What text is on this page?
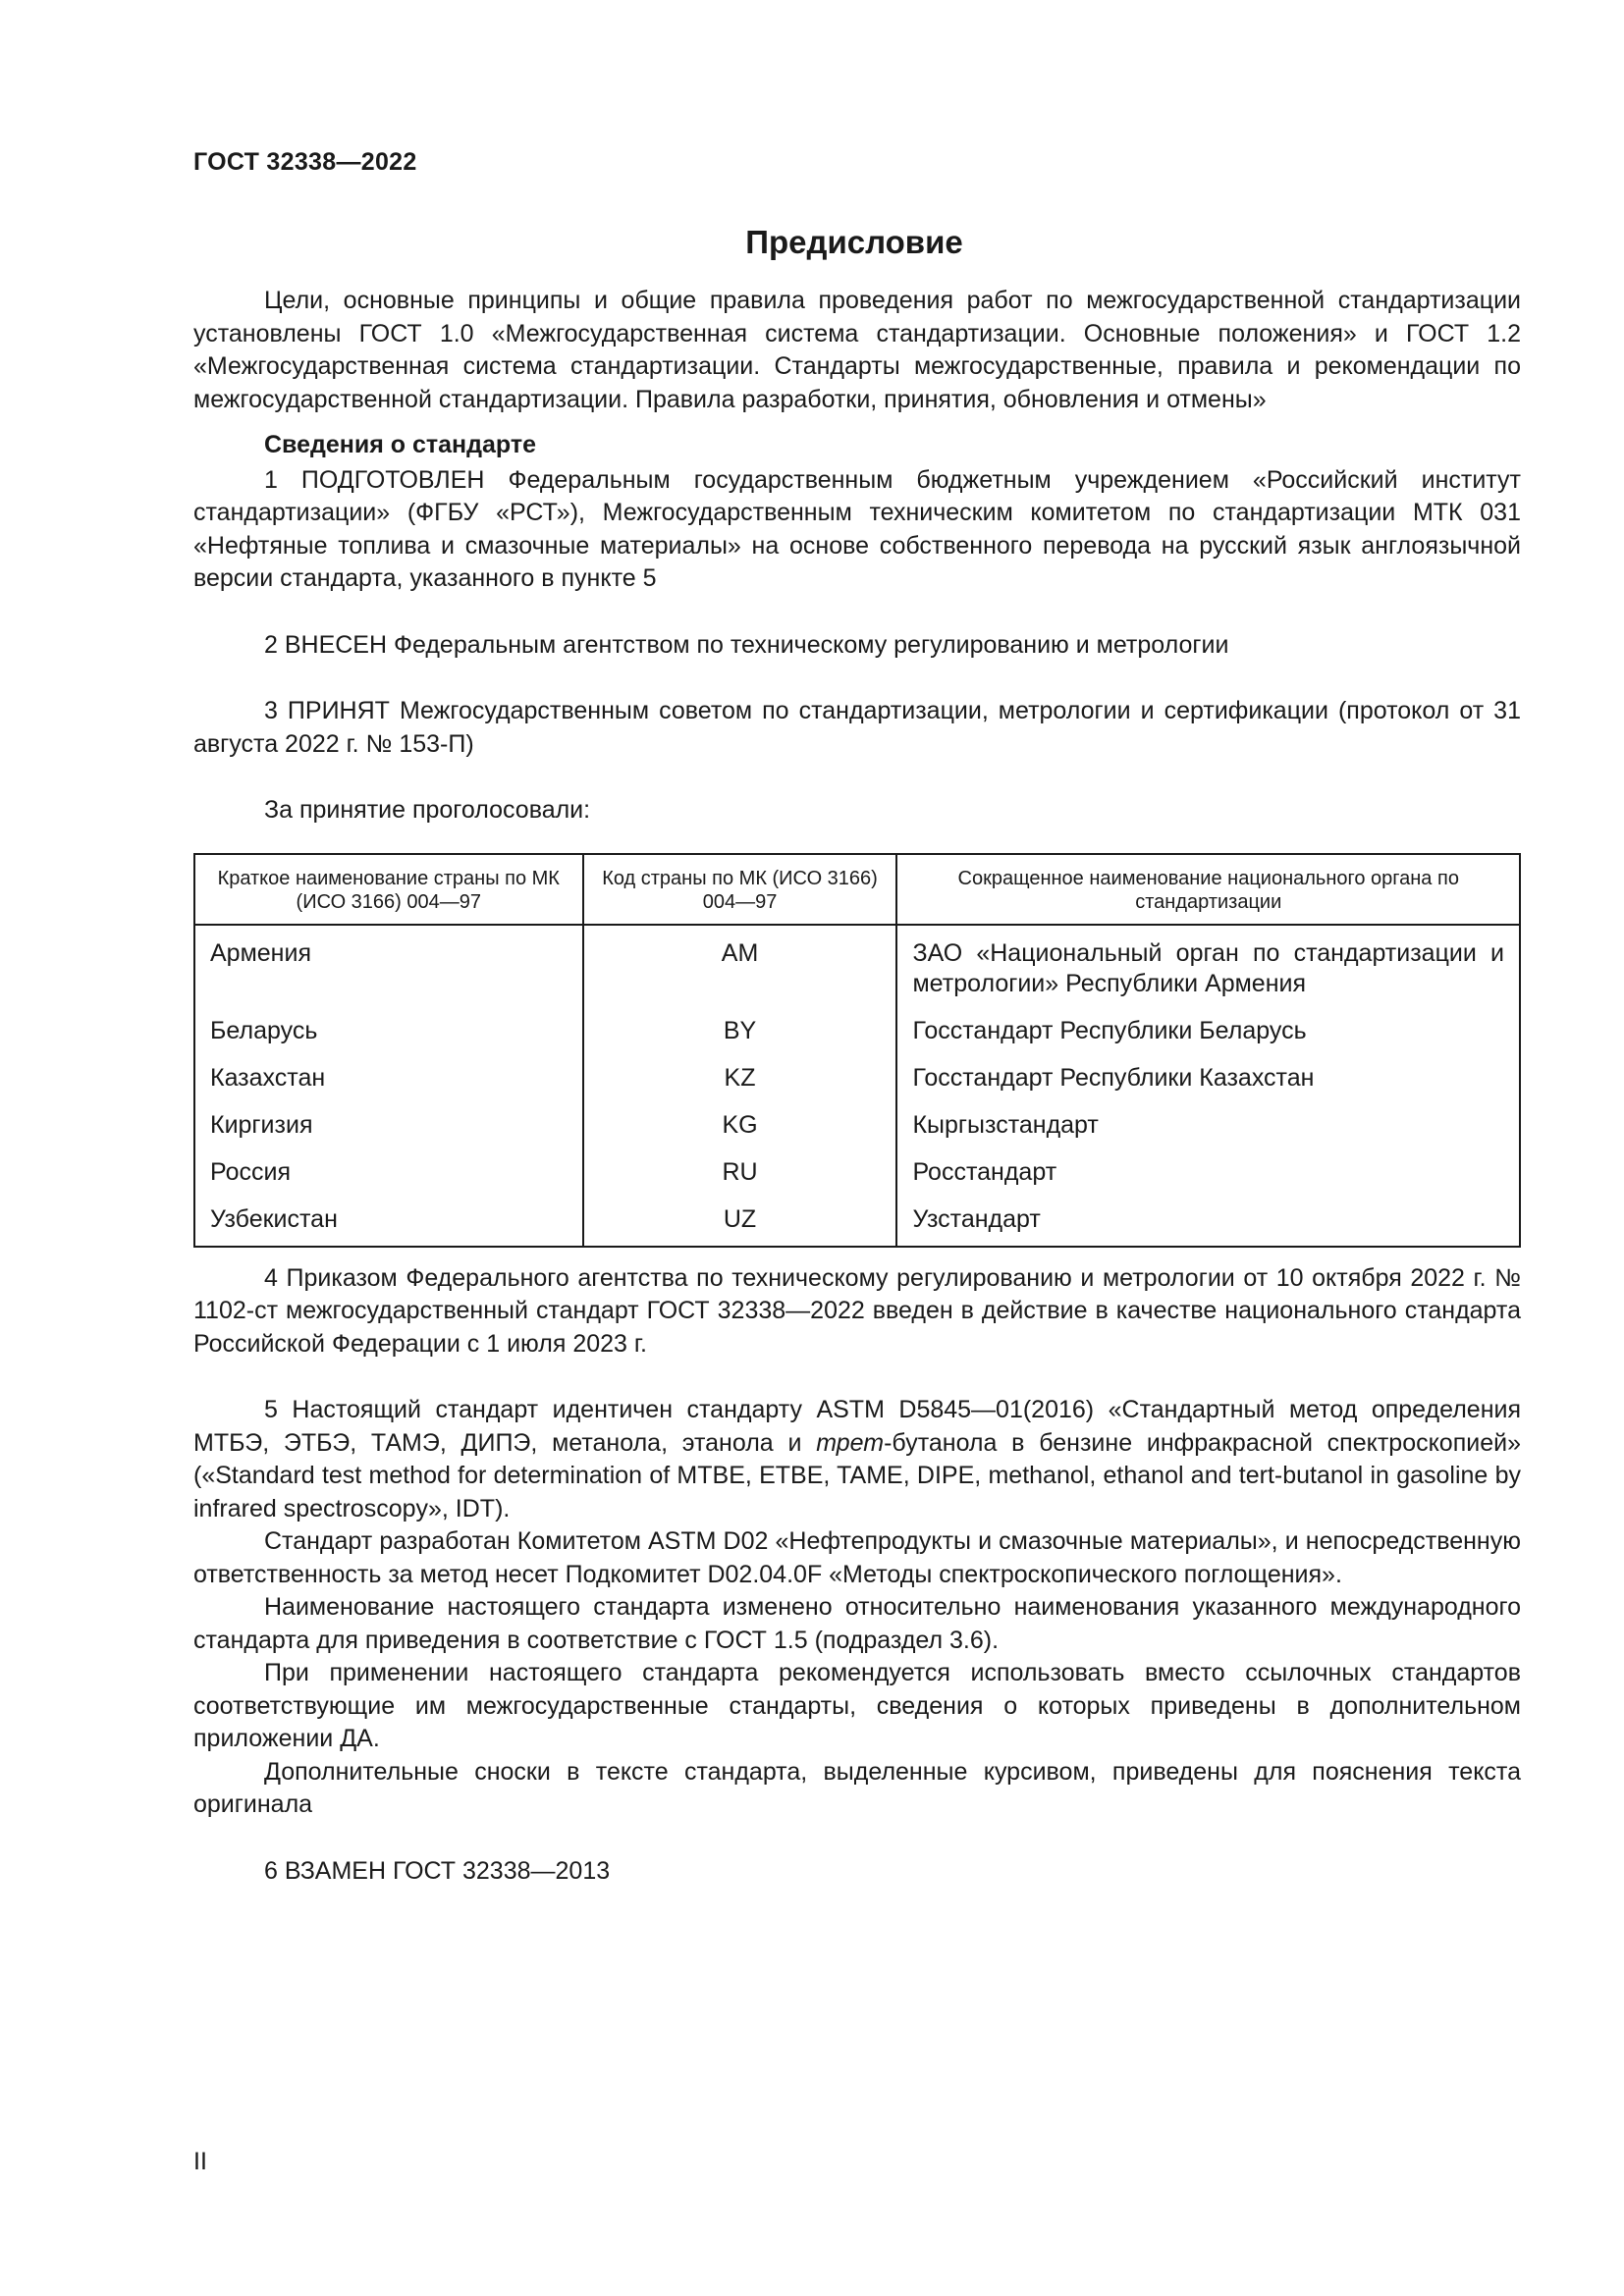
ГОСТ 32338—2022
Предисловие

Цели, основные принципы и общие правила проведения работ по межгосударственной стандартизации установлены ГОСТ 1.0 «Межгосударственная система стандартизации. Основные положения» и ГОСТ 1.2 «Межгосударственная система стандартизации. Стандарты межгосударственные, правила и рекомендации по межгосударственной стандартизации. Правила разработки, принятия, обновления и отмены»

Сведения о стандарте

1 ПОДГОТОВЛЕН Федеральным государственным бюджетным учреждением «Российский институт стандартизации» (ФГБУ «РСТ»), Межгосударственным техническим комитетом по стандартизации МТК 031 «Нефтяные топлива и смазочные материалы» на основе собственного перевода на русский язык англоязычной версии стандарта, указанного в пункте 5

2 ВНЕСЕН Федеральным агентством по техническому регулированию и метрологии

3 ПРИНЯТ Межгосударственным советом по стандартизации, метрологии и сертификации (протокол от 31 августа 2022 г. № 153-П)

За принятие проголосовали:

Краткое наименование страны по МК (ИСО 3166) 004—97	Код страны по МК (ИСО 3166) 004—97	Сокращенное наименование национального органа по стандартизации
Армения	AM	ЗАО «Национальный орган по стандартизации и метрологии» Республики Армения
Беларусь	BY	Госстандарт Республики Беларусь
Казахстан	KZ	Госстандарт Республики Казахстан
Киргизия	KG	Кыргызстандарт
Россия	RU	Росстандарт
Узбекистан	UZ	Узстандарт

4 Приказом Федерального агентства по техническому регулированию и метрологии от 10 октября 2022 г. № 1102-ст межгосударственный стандарт ГОСТ 32338—2022 введен в действие в качестве национального стандарта Российской Федерации с 1 июля 2023 г.

5 Настоящий стандарт идентичен стандарту ASTM D5845—01(2016) «Стандартный метод определения МТБЭ, ЭТБЭ, ТАМЭ, ДИПЭ, метанола, этанола и трет-бутанола в бензине инфракрасной спектроскопией» («Standard test method for determination of MTBE, ETBE, TAME, DIPE, methanol, ethanol and tert-butanol in gasoline by infrared spectroscopy», IDT).

Стандарт разработан Комитетом ASTM D02 «Нефтепродукты и смазочные материалы», и непосредственную ответственность за метод несет Подкомитет D02.04.0F «Методы спектроскопического поглощения».

Наименование настоящего стандарта изменено относительно наименования указанного международного стандарта для приведения в соответствие с ГОСТ 1.5 (подраздел 3.6).

При применении настоящего стандарта рекомендуется использовать вместо ссылочных стандартов соответствующие им межгосударственные стандарты, сведения о которых приведены в дополнительном приложении ДА.

Дополнительные сноски в тексте стандарта, выделенные курсивом, приведены для пояснения текста оригинала

6 ВЗАМЕН ГОСТ 32338—2013

II
